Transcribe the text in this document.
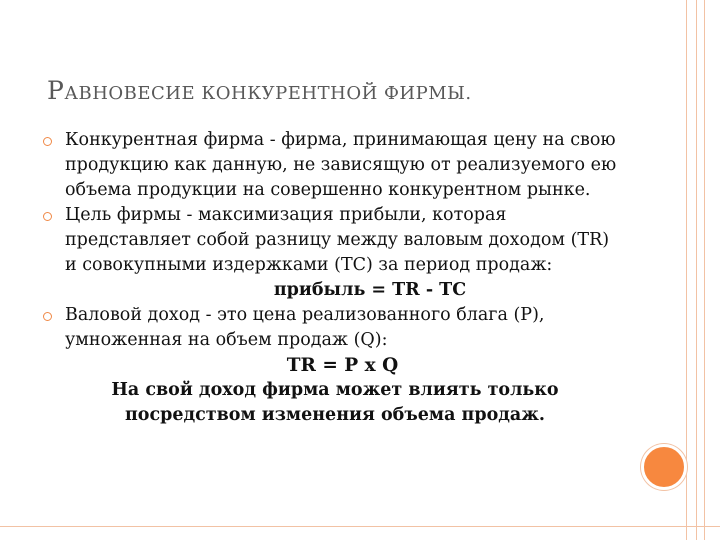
РАВНОВЕСИЕ КОНКУРЕНТНОЙ ФИРМЫ.
Конкурентная фирма - фирма, принимающая цену на свою продукцию как данную, не зависящую от реализуемого ею объема продукции на совершенно конкурентном рынке.
Цель фирмы - максимизация прибыли, которая представляет собой разницу между валовым доходом (TR) и совокупными издержками (TC) за период продаж:
прибыль = TR - TC
Валовой доход - это цена реализованного блага (P), умноженная на объем продаж (Q):
TR = P x Q
На свой доход фирма может влиять только посредством изменения объема продаж.
